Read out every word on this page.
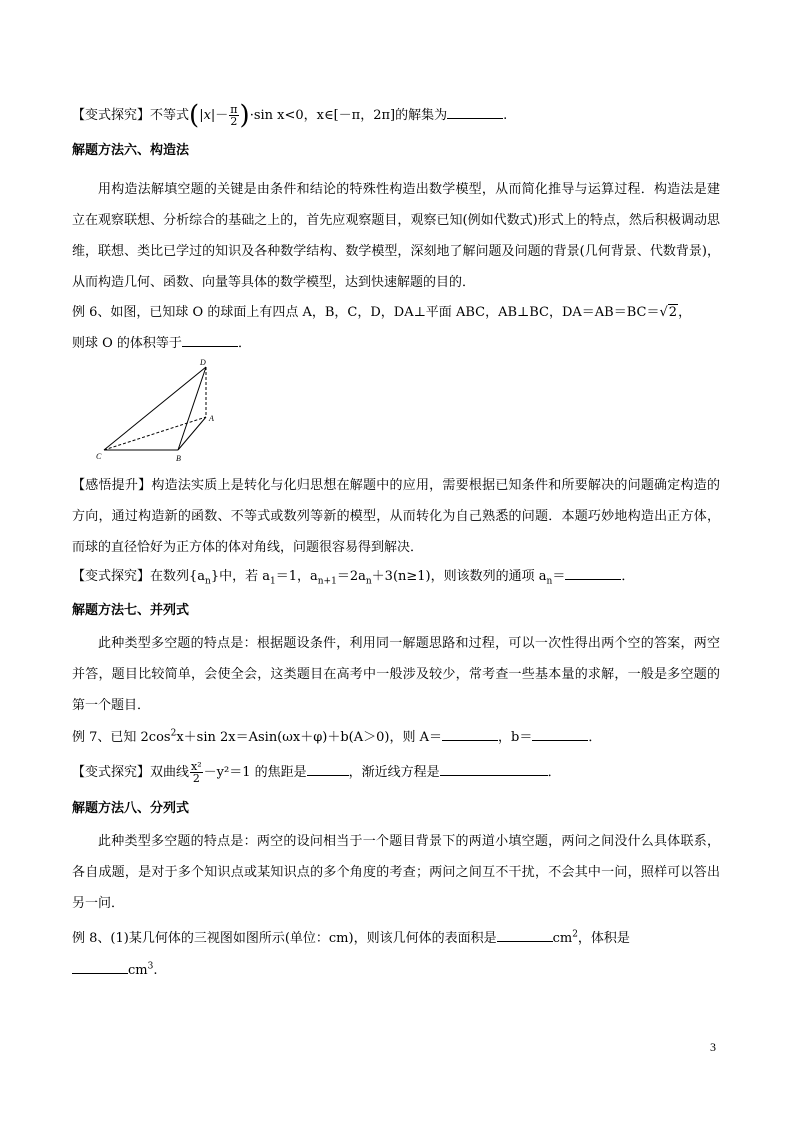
【变式探究】不等式$(|x|- \frac{\pi}{2} )\cdot\sin$ x<0，x∈[－π，2π]的解集为	.
解题方法六、构造法
用构造法解填空题的关键是由条件和结论的特殊性构造出数学模型，从而简化推导与运算过程．构造法是建立在观察联想、分析综合的基础之上的，首先应观察题目，观察已知(例如代数式)形式上的特点，然后积极调动思维，联想、类比已学过的知识及各种数学结构、数学模型，深刻地了解问题及问题的背景(几何背景、代数背景)，从而构造几何、函数、向量等具体的数学模型，达到快速解题的目的．
例 6、如图，已知球 O 的球面上有四点 A，B，C，D，DA⊥平面 ABC，AB⊥BC，DA＝AB＝BC＝√2，
则球 O 的体积等于	．
D
A
B
C
【感悟提升】构造法实质上是转化与化归思想在解题中的应用，需要根据已知条件和所要解决的问题确定构造的方向，通过构造新的函数、不等式或数列等新的模型，从而转化为自己熟悉的问题．本题巧妙地构造出正方体，而球的直径恰好为正方体的体对角线，问题很容易得到解决．
【变式探究】在数列$\{a_n\}$中，若 $a_1=1$，$a_{n+1}=2a_n+3(n\ge 1)$，则该数列的通项 $a_n=$	．
解题方法七、并列式
此种类型多空题的特点是：根据题设条件，利用同一解题思路和过程，可以一次性得出两个空的答案，两空并答，题目比较简单，会使全会，这类题目在高考中一般涉及较少，常考查一些基本量的求解，一般是多空题的第一个题目．
例 7、已知 $2\cos^2x+\sin$ 2x＝Asin(ωx＋φ)＋b(A＞0)，则 A＝	，b＝	．
【变式探究】双曲线 $\frac{\text{x²}}{2} -y^2=1$ 的焦距是	，渐近线方程是	．
解题方法八、分列式
此种类型多空题的特点是：两空的设问相当于一个题目背景下的两道小填空题，两问之间没什么具体联系，各自成题，是对于多个知识点或某知识点的多个角度的考查；两问之间互不干扰，不会其中一问，照样可以答出另一问．
例 8、(1)某几何体的三视图如图所示(单位：cm)，则该几何体的表面积是	$cm^2$，体积是
$cm^3$.
3
